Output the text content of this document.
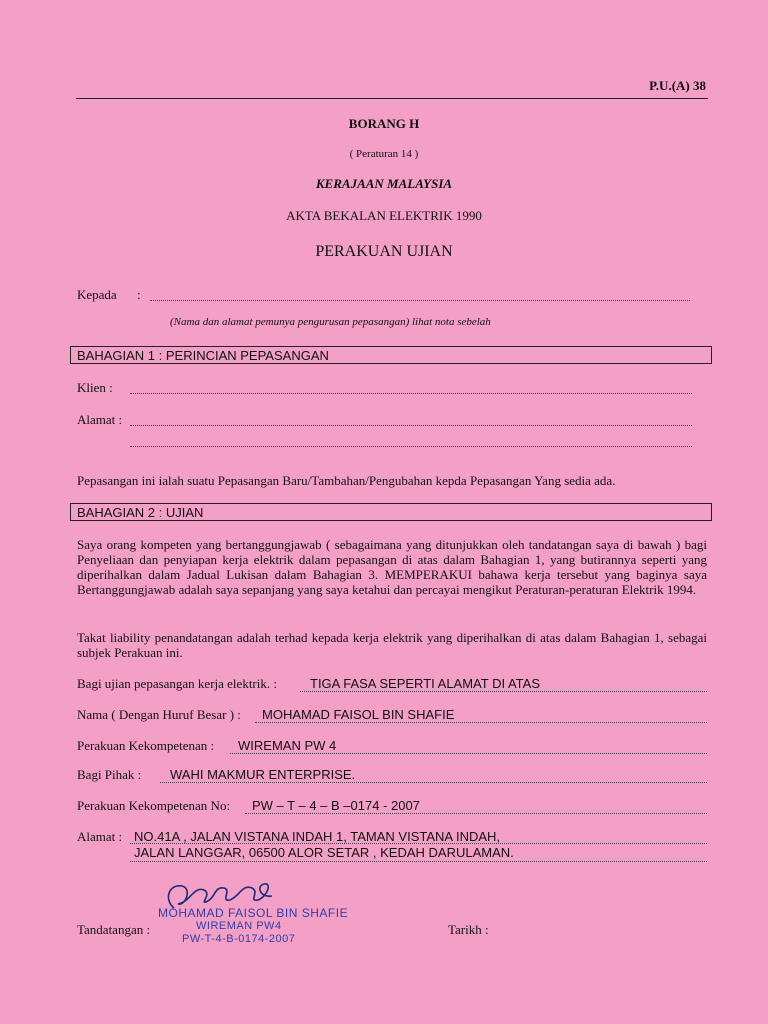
P.U.(A) 38
BORANG H
( Peraturan 14 )
KERAJAAN MALAYSIA
AKTA BEKALAN ELEKTRIK 1990
PERAKUAN UJIAN
Kepada :
(Nama dan alamat pemunya pengurusan pepasangan) lihat nota sebelah
BAHAGIAN 1 : PERINCIAN PEPASANGAN
Klien :
Alamat :
Pepasangan ini ialah suatu Pepasangan Baru/Tambahan/Pengubahan kepda Pepasangan Yang sedia ada.
BAHAGIAN 2 : UJIAN
Saya orang kompeten yang bertanggungjawab ( sebagaimana yang ditunjukkan oleh tandatangan saya di bawah ) bagi Penyeliaan dan penyiapan kerja elektrik dalam pepasangan di atas dalam Bahagian 1, yang butirannya seperti yang diperihalkan dalam Jadual Lukisan dalam Bahagian 3. MEMPERAKUI bahawa kerja tersebut yang baginya saya Bertanggungjawab adalah saya sepanjang yang saya ketahui dan percayai mengikut Peraturan-peraturan Elektrik 1994.
Takat liability penandatangan adalah terhad kepada kerja elektrik yang diperihalkan di atas dalam Bahagian 1, sebagai subjek Perakuan ini.
Bagi ujian pepasangan kerja elektrik. :	TIGA FASA SEPERTI ALAMAT DI ATAS
Nama ( Dengan Huruf Besar ) : MOHAMAD FAISOL BIN SHAFIE
Perakuan Kekompetenan : WIREMAN PW 4
Bagi Pihak : WAHI MAKMUR ENTERPRISE.
Perakuan Kekompetenan No: PW – T – 4 – B –0174 - 2007
Alamat : NO.41A , JALAN VISTANA INDAH 1, TAMAN VISTANA INDAH,
JALAN LANGGAR, 06500 ALOR SETAR , KEDAH DARULAMAN.
Tandatangan :
MOHAMAD FAISOL BIN SHAFIE
WIREMAN PW4
PW-T-4-B-0174-2007
Tarikh :
